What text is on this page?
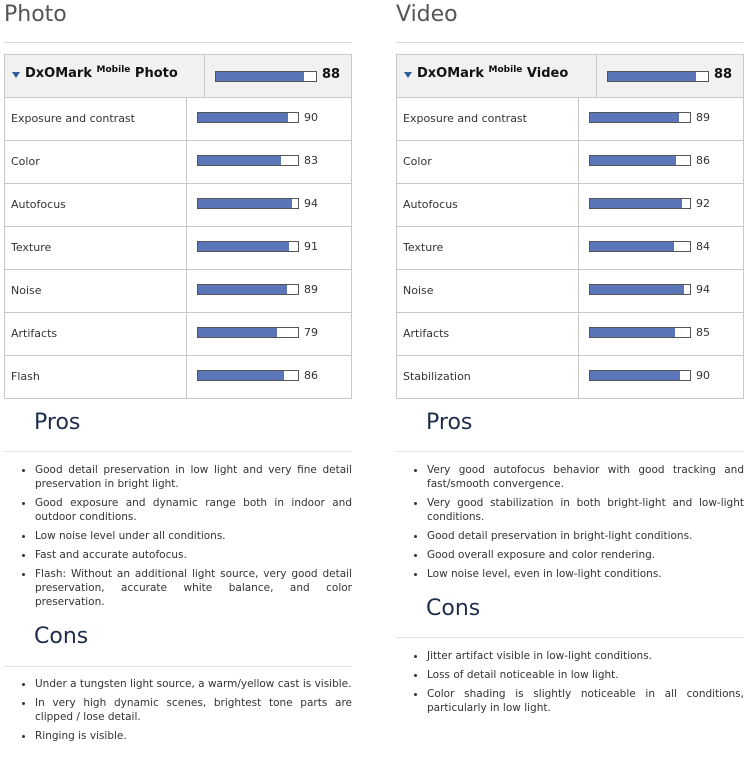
Photo
DxOMark $^{Mobile}$ Photo	88
Exposure and contrast	90
Color	83
Autofocus	94
Texture	91
Noise	89
Artifacts	79
Flash	86
Video
DxOMark $^{Mobile}$ Video	88
Exposure and contrast	89
Color	86
Autofocus	92
Texture	84
Noise	94
Artifacts	85
Stabilization	90
Pros
Good detail preservation in low light and very fine detail preservation in bright light.
Good exposure and dynamic range both in indoor and outdoor conditions.
Low noise level under all conditions.
Fast and accurate autofocus.
Flash: Without an additional light source, very good detail preservation, accurate white balance, and color preservation.
Cons
Under a tungsten light source, a warm/yellow cast is visible.
In very high dynamic scenes, brightest tone parts are clipped / lose detail.
Ringing is visible.
Pros
Very good autofocus behavior with good tracking and fast/smooth convergence.
Very good stabilization in both bright-light and low-light conditions.
Good detail preservation in bright-light conditions.
Good overall exposure and color rendering.
Low noise level, even in low-light conditions.
Cons
Jitter artifact visible in low-light conditions.
Loss of detail noticeable in low light.
Color shading is slightly noticeable in all conditions, particularly in low light.
